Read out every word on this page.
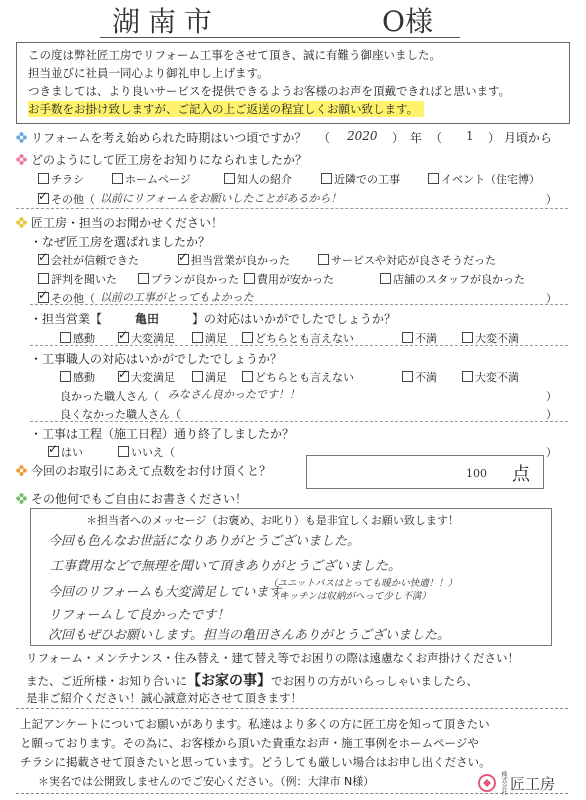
湖南市	O様
この度は弊社匠工房でリフォーム工事をさせて頂き、誠に有難う御座いました。
担当並びに社員一同心より御礼申し上げます。
つきましては、より良いサービスを提供できるようお客様のお声を頂戴できればと思います。
お手数をお掛け致しますが、ご記入の上ご返送の程宜しくお願い致します。
リフォームを考え始められた時期はいつ頃ですか？ （ 2020 ） 年 （ 1 ） 月頃から
どのようにして匠工房をお知りになられましたか？
チラシ	ホームページ	知人の紹介	近隣での工事	イベント（住宅博）
✓その他（ 以前にリフォームをお願いしたことがあるから！	）
匠工房・担当のお聞かせください！
・なぜ匠工房を選ばれましたか？
✓会社が信頼できた ✓	担当営業が良かった	サービスや対応が良さそうだった
評判を聞いた	プランが良かった	費用が安かった	店舗のスタッフが良かった
✓その他（ 以前の工事がとってもよかった	）
・担当営業【	亀田	】の対応はいかがでしたでしょうか？
感動 ✓	大変満足	満足	どちらとも言えない	不満	大変不満
・工事職人の対応はいかがでしたでしょうか？
感動 ✓	大変満足	満足	どちらとも言えない	不満	大変不満
良かった職人さん（ みなさん良かったです！！	）
良くなかった職人さん（	）
・工事は工程（施工日程）通り終了しましたか？
✓はい	いいえ（	）
今回のお取引にあえて点数をお付け頂くと？	100 点
その他何でもご自由にお書きください！
＊担当者へのメッセージ（お褒め、お叱り）も是非宜しくお願い致します！
今回も色んなお世話になりありがとうございました。
工事費用などで無理を聞いて頂きありがとうございました。
今回のリフォームも大変満足しています。
（ユニットバスはとっても暖かい快適！！）
（キッチンは収納がへって少し不満）
リフォームして良かったです！
次回もぜひお願いします。担当の亀田さんありがとうございました。
リフォーム・メンテナンス・住み替え・建て替え等でお困りの際は遠慮なくお声掛けください！
また、ご近所様・お知り合いに【お家の事】でお困りの方がいらっしゃいましたら、
是非ご紹介ください！誠心誠意対応させて頂きます！
上記アンケートについてお願いがあります。私達はより多くの方に匠工房を知って頂きたい
と願っております。その為に、お客様から頂いた貴重なお声・施工事例をホームページや
チラシに掲載させて頂きたいと思っています。どうしても厳しい場合はお申し出ください。
＊実名では公開致しませんのでご安心ください。（例：大津市 N様）	株式会社 匠工房
